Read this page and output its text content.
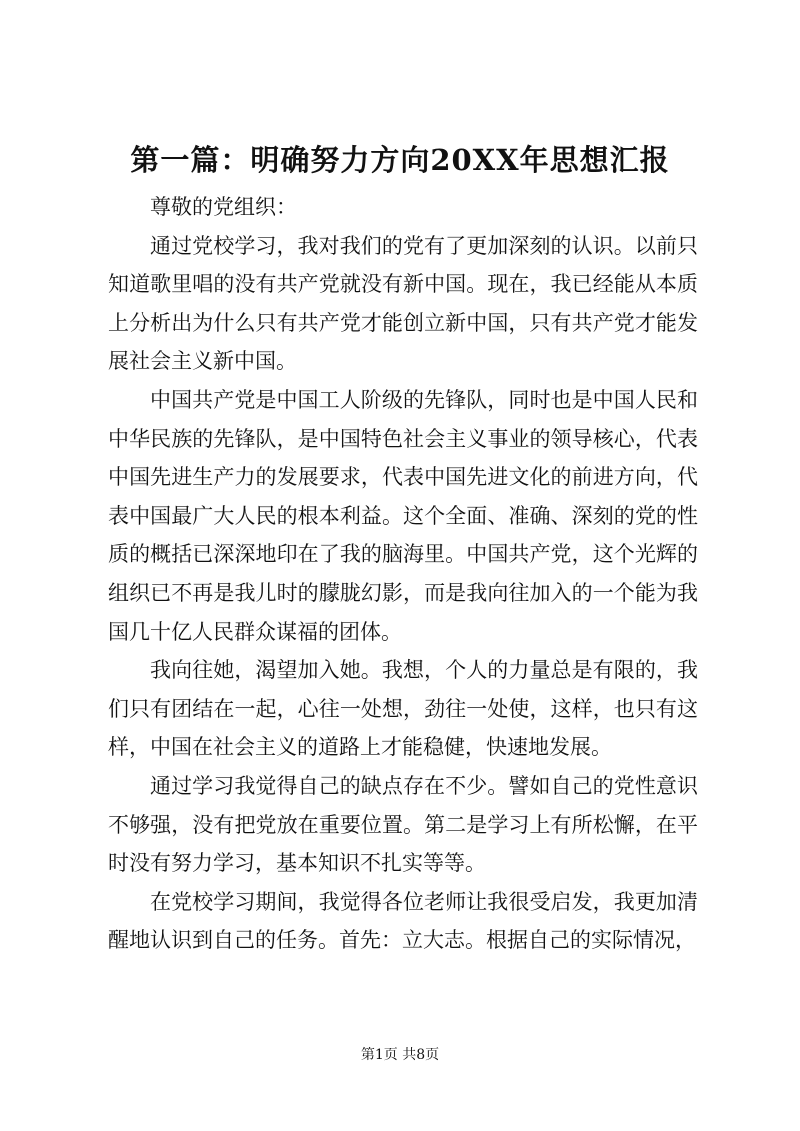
第一篇：明确努力方向20XX年思想汇报

尊敬的党组织：

通过党校学习，我对我们的党有了更加深刻的认识。以前只知道歌里唱的没有共产党就没有新中国。现在，我已经能从本质上分析出为什么只有共产党才能创立新中国，只有共产党才能发展社会主义新中国。

中国共产党是中国工人阶级的先锋队，同时也是中国人民和中华民族的先锋队，是中国特色社会主义事业的领导核心，代表中国先进生产力的发展要求，代表中国先进文化的前进方向，代表中国最广大人民的根本利益。这个全面、准确、深刻的党的性质的概括已深深地印在了我的脑海里。中国共产党，这个光辉的组织已不再是我儿时的朦胧幻影，而是我向往加入的一个能为我国几十亿人民群众谋福的团体。

我向往她，渴望加入她。我想，个人的力量总是有限的，我们只有团结在一起，心往一处想，劲往一处使，这样，也只有这样，中国在社会主义的道路上才能稳健，快速地发展。

通过学习我觉得自己的缺点存在不少。譬如自己的党性意识不够强，没有把党放在重要位置。第二是学习上有所松懈，在平时没有努力学习，基本知识不扎实等等。

在党校学习期间，我觉得各位老师让我很受启发，我更加清醒地认识到自己的任务。首先：立大志。根据自己的实际情况，

第1页 共8页
